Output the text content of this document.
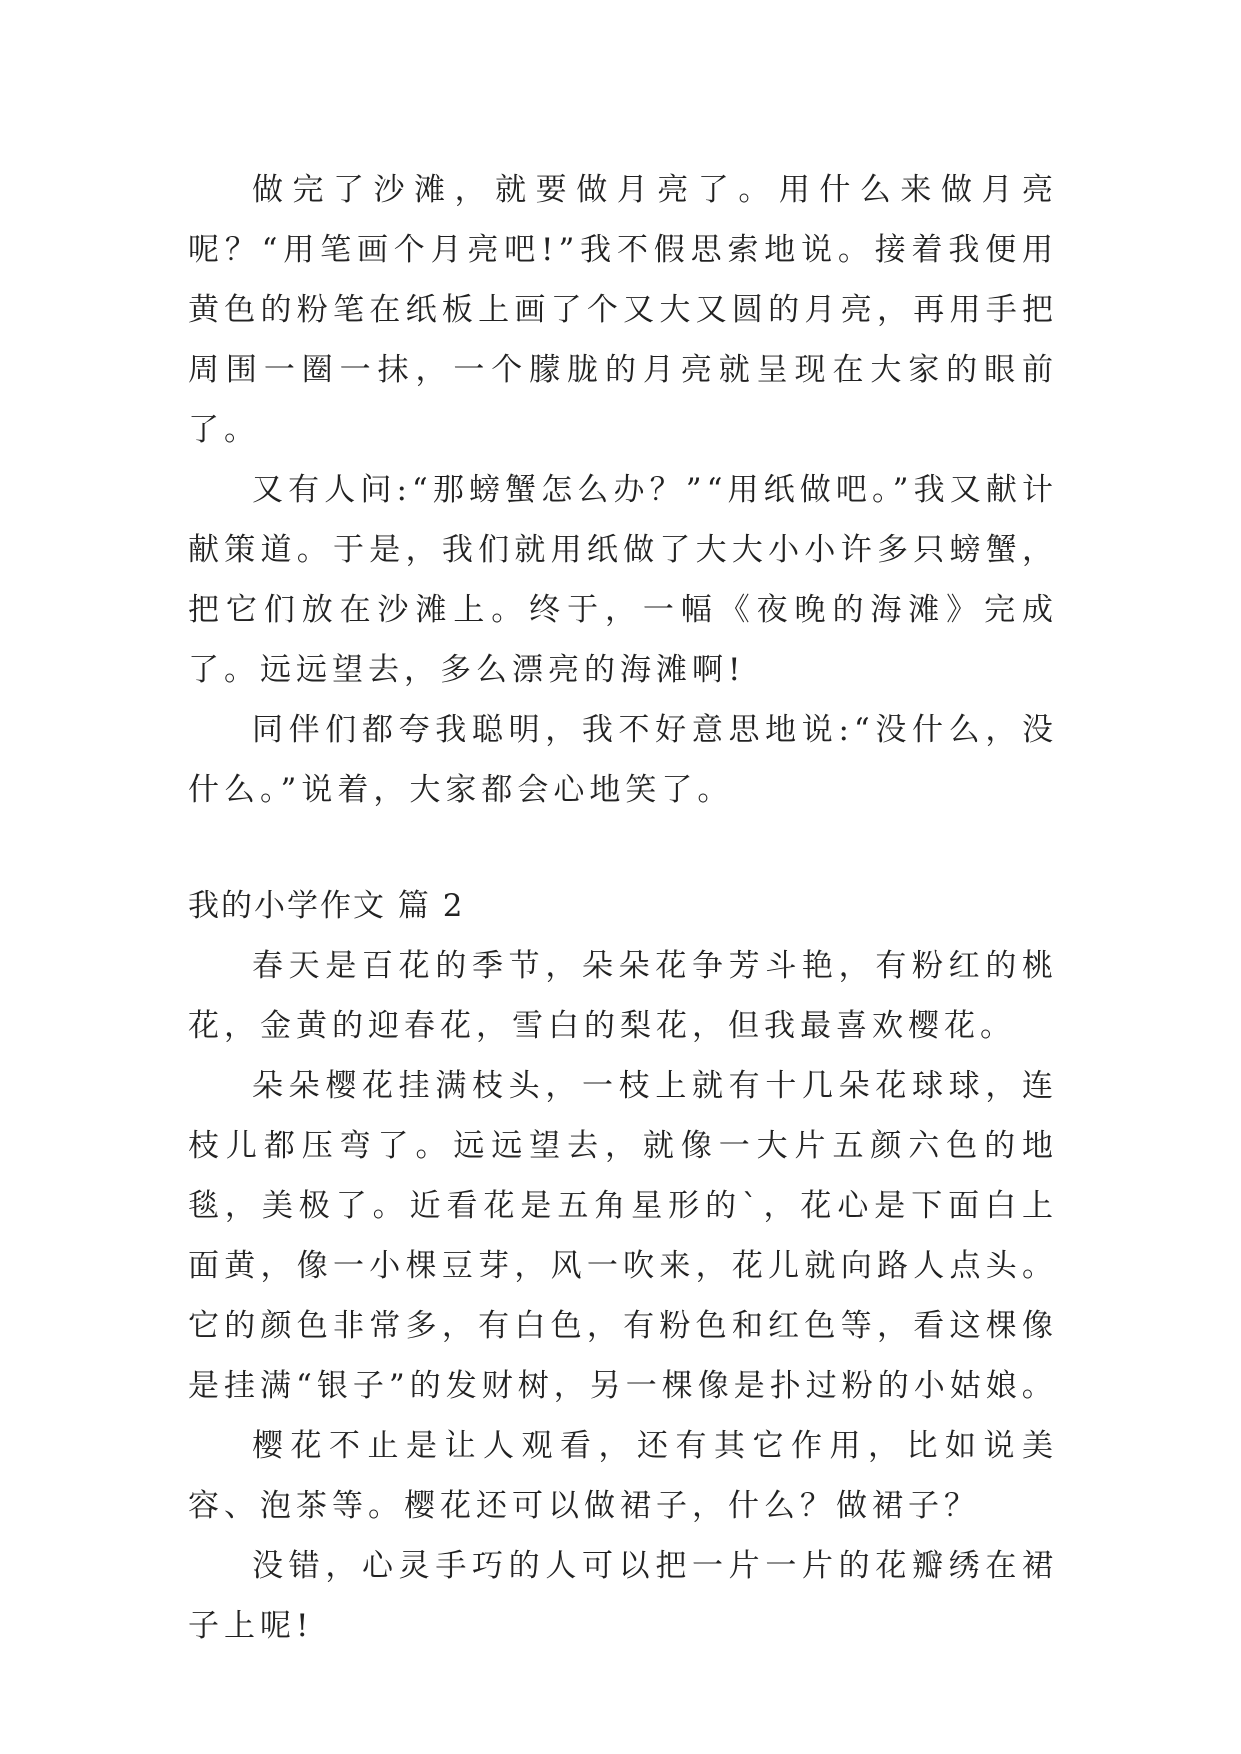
做完了沙滩，就要做月亮了。用什么来做月亮呢？“用笔画个月亮吧!”我不假思索地说。接着我便用黄色的粉笔在纸板上画了个又大又圆的月亮，再用手把周围一圈一抹，一个朦胧的月亮就呈现在大家的眼前了。

又有人问:“那螃蟹怎么办？”“用纸做吧。”我又献计献策道。于是，我们就用纸做了大大小小许多只螃蟹，把它们放在沙滩上。终于，一幅《夜晚的海滩》完成了。远远望去，多么漂亮的海滩啊!

同伴们都夸我聪明，我不好意思地说:“没什么，没什么。”说着，大家都会心地笑了。

我的小学作文 篇 2

春天是百花的季节，朵朵花争芳斗艳，有粉红的桃花，金黄的迎春花，雪白的梨花，但我最喜欢樱花。

朵朵樱花挂满枝头，一枝上就有十几朵花球球，连枝儿都压弯了。远远望去，就像一大片五颜六色的地毯，美极了。近看花是五角星形的`，花心是下面白上面黄，像一小棵豆芽，风一吹来，花儿就向路人点头。它的颜色非常多，有白色，有粉色和红色等，看这棵像是挂满“银子”的发财树，另一棵像是扑过粉的小姑娘。

樱花不止是让人观看，还有其它作用，比如说美容、泡茶等。樱花还可以做裙子，什么？做裙子？

没错，心灵手巧的人可以把一片一片的花瓣绣在裙子上呢!
